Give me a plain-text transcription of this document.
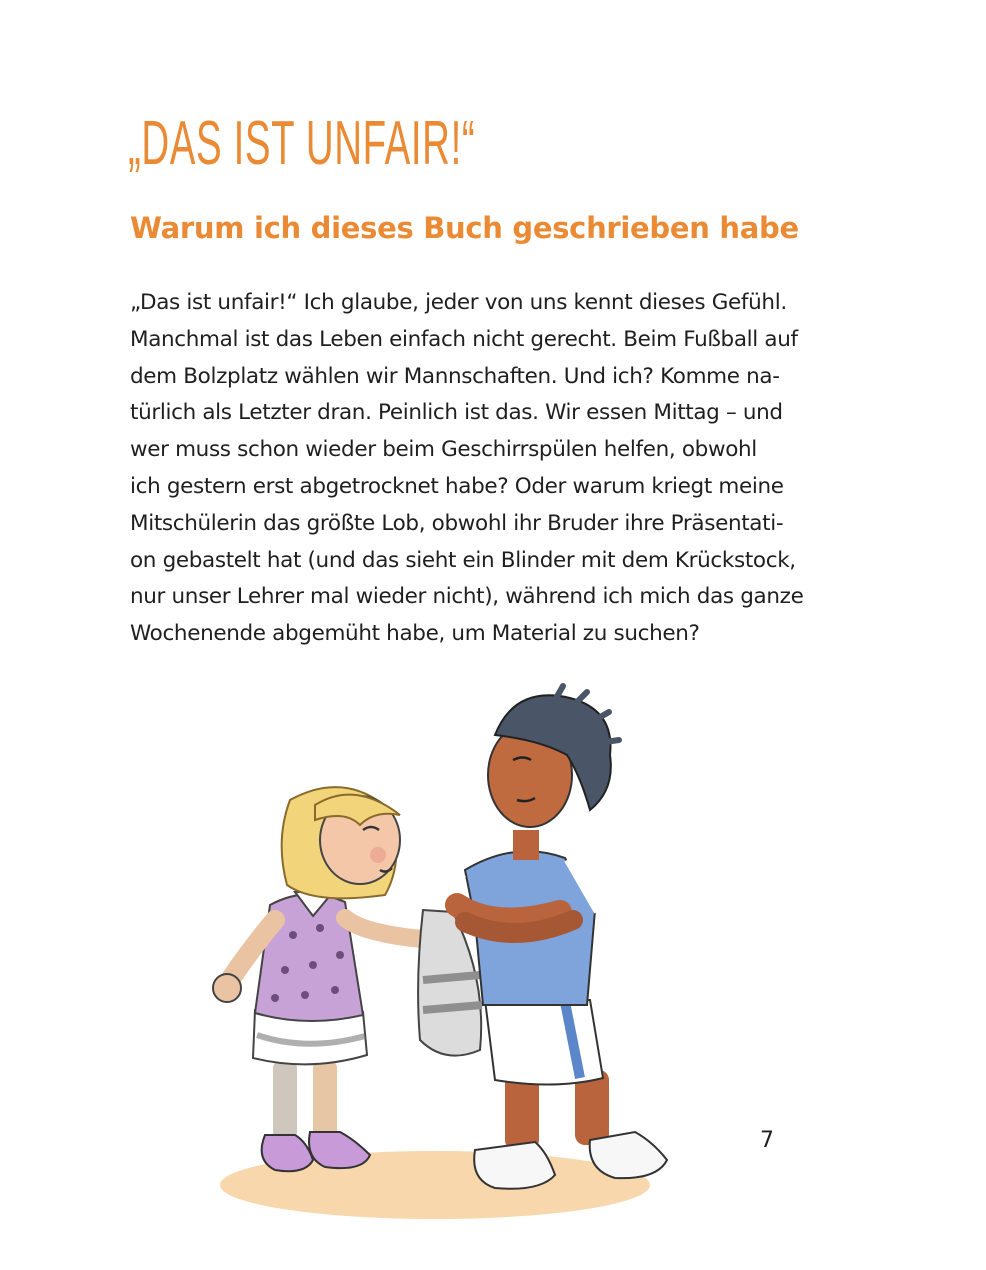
„DAS IST UNFAIR!“
Warum ich dieses Buch geschrieben habe

„Das ist unfair!“ Ich glaube, jeder von uns kennt dieses Gefühl.
Manchmal ist das Leben einfach nicht gerecht. Beim Fußball auf
dem Bolzplatz wählen wir Mannschaften. Und ich? Komme na-
türlich als Letzter dran. Peinlich ist das. Wir essen Mittag – und
wer muss schon wieder beim Geschirrspülen helfen, obwohl
ich gestern erst abgetrocknet habe? Oder warum kriegt meine
Mitschülerin das größte Lob, obwohl ihr Bruder ihre Präsentati-
on gebastelt hat (und das sieht ein Blinder mit dem Krückstock,
nur unser Lehrer mal wieder nicht), während ich mich das ganze
Wochenende abgemüht habe, um Material zu suchen?

7
